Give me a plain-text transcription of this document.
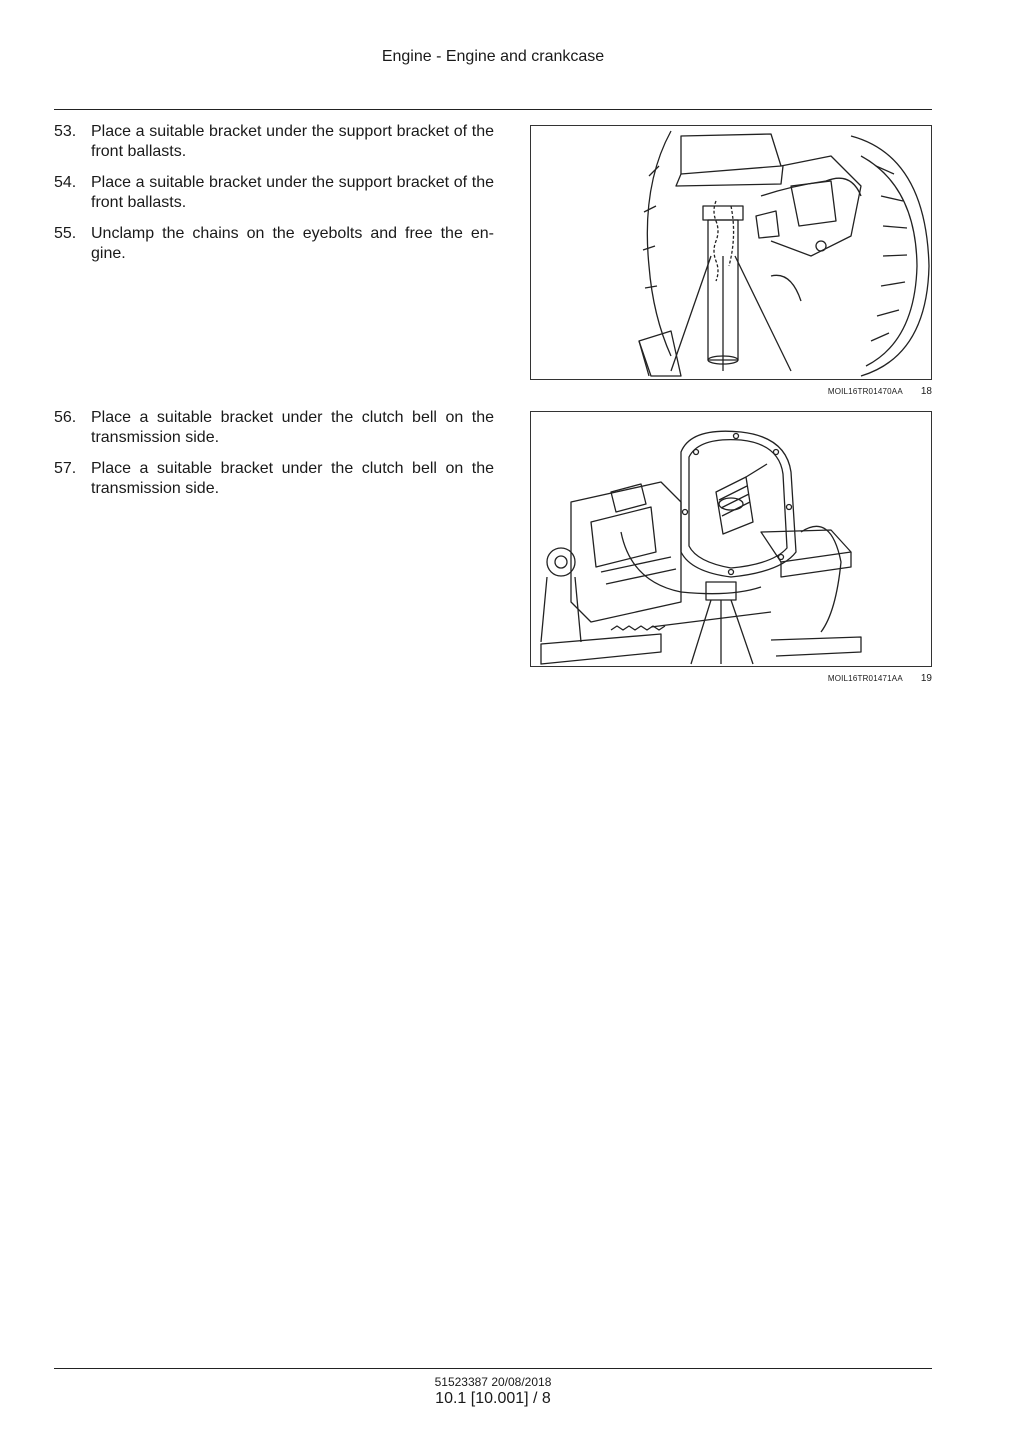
Engine - Engine and crankcase
53. Place a suitable bracket under the support bracket of the front ballasts.
54. Place a suitable bracket under the support bracket of the front ballasts.
55. Unclamp the chains on the eyebolts and free the en- gine.
MOIL16TR01470AA 18
56. Place a suitable bracket under the clutch bell on the transmission side.
57. Place a suitable bracket under the clutch bell on the transmission side.
MOIL16TR01471AA 19
51523387 20/08/2018
10.1 [10.001] / 8
